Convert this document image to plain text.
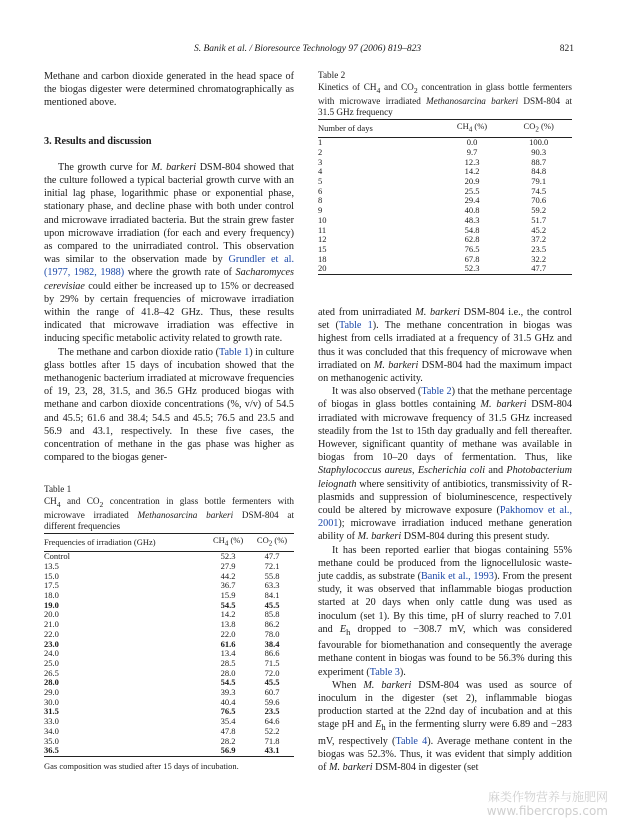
S. Banik et al. / Bioresource Technology 97 (2006) 819–823	821

Methane and carbon dioxide generated in the head space of the biogas digester were determined chromatographically as mentioned above.

3. Results and discussion

The growth curve for M. barkeri DSM-804 showed that the culture followed a typical bacterial growth curve with an initial lag phase, logarithmic phase or exponential phase, stationary phase, and decline phase with both under control and microwave irradiated bacteria. But the strain grew faster upon microwave irradiation (for each and every frequency) as compared to the unirradiated control. This observation was similar to the observation made by Grundler et al. (1977, 1982, 1988) where the growth rate of Sacharomyces cerevisiae could either be increased up to 15% or decreased by 29% by certain frequencies of microwave irradiation within the range of 41.8–42 GHz. Thus, these results indicated that microwave irradiation was effective in inducing specific metabolic activity related to growth rate.

The methane and carbon dioxide ratio (Table 1) in culture glass bottles after 15 days of incubation showed that the methanogenic bacterium irradiated at microwave frequencies of 19, 23, 28, 31.5, and 36.5 GHz produced biogas with methane and carbon dioxide concentrations (%, v/v) of 54.5 and 45.5; 61.6 and 38.4; 54.5 and 45.5; 76.5 and 23.5 and 56.9 and 43.1, respectively. In these five cases, the concentration of methane in the gas phase was higher as compared to the biogas gener-

Table 1
$CH_4$ and $CO_2$ concentration in glass bottle fermenters with microwave irradiated Methanosarcina barkeri DSM-804 at different frequencies
Frequencies of irradiation (GHz)	$CH_4$ (%)	$CO_2$ (%)
Control	52.3	47.7
13.5	27.9	72.1
15.0	44.2	55.8
17.5	36.7	63.3
18.0	15.9	84.1
19.0	54.5	45.5
20.0	14.2	85.8
21.0	13.8	86.2
22.0	22.0	78.0
23.0	61.6	38.4
24.0	13.4	86.6
25.0	28.5	71.5
26.5	28.0	72.0
28.0	54.5	45.5
29.0	39.3	60.7
30.0	40.4	59.6
31.5	76.5	23.5
33.0	35.4	64.6
34.0	47.8	52.2
35.0	28.2	71.8
36.5	56.9	43.1
Gas composition was studied after 15 days of incubation.
Table 2
Kinetics of $CH_4$ and $CO_2$ concentration in glass bottle fermenters with microwave irradiated Methanosarcina barkeri DSM-804 at 31.5 GHz frequency
Number of days	$CH_4$ (%)	$CO_2$ (%)
1	0.0	100.0
2	9.7	90.3
3	12.3	88.7
4	14.2	84.8
5	20.9	79.1
6	25.5	74.5
8	29.4	70.6
9	40.8	59.2
10	48.3	51.7
11	54.8	45.2
12	62.8	37.2
15	76.5	23.5
18	67.8	32.2
20	52.3	47.7

ated from unirradiated M. barkeri DSM-804 i.e., the control set (Table 1). The methane concentration in biogas was highest from cells irradiated at a frequency of 31.5 GHz and thus it was concluded that this frequency of microwave when irradiated on M. barkeri DSM-804 had the maximum impact on methanogenic activity.

It was also observed (Table 2) that the methane percentage of biogas in glass bottles containing M. barkeri DSM-804 irradiated with microwave frequency of 31.5 GHz increased steadily from the 1st to 15th day gradually and fell thereafter. However, significant quantity of methane was available in biogas from 10–20 days of fermentation. Thus, like Staphylococcus aureus, Escherichia coli and Photobacterium leiognath where sensitivity of antibiotics, transmissivity of R-plasmids and suppression of bioluminescence, respectively could be altered by microwave exposure (Pakhomov et al., 2001); microwave irradiation induced methane generation ability of M. barkeri DSM-804 during this present study.

It has been reported earlier that biogas containing 55% methane could be produced from the lignocellulosic waste-jute caddis, as substrate (Banik et al., 1993). From the present study, it was observed that inflammable biogas production started at 20 days when only cattle dung was used as inoculum (set 1). By this time, pH of slurry reached to 7.01 and $E_h$ dropped to −308.7 mV, which was considered favourable for biomethanation and consequently the average methane content in biogas was found to be 56.3% during this experiment (Table 3).

When M. barkeri DSM-804 was used as source of inoculum in the digester (set 2), inflammable biogas production started at the 22nd day of incubation and at this stage pH and $E_h$ in the fermenting slurry were 6.89 and −283 mV, respectively (Table 4). Average methane content in the biogas was 52.3%. Thus, it was evident that simply addition of M. barkeri DSM-804 in digester (set

麻类作物营养与施肥网
www.fibercrops.com
